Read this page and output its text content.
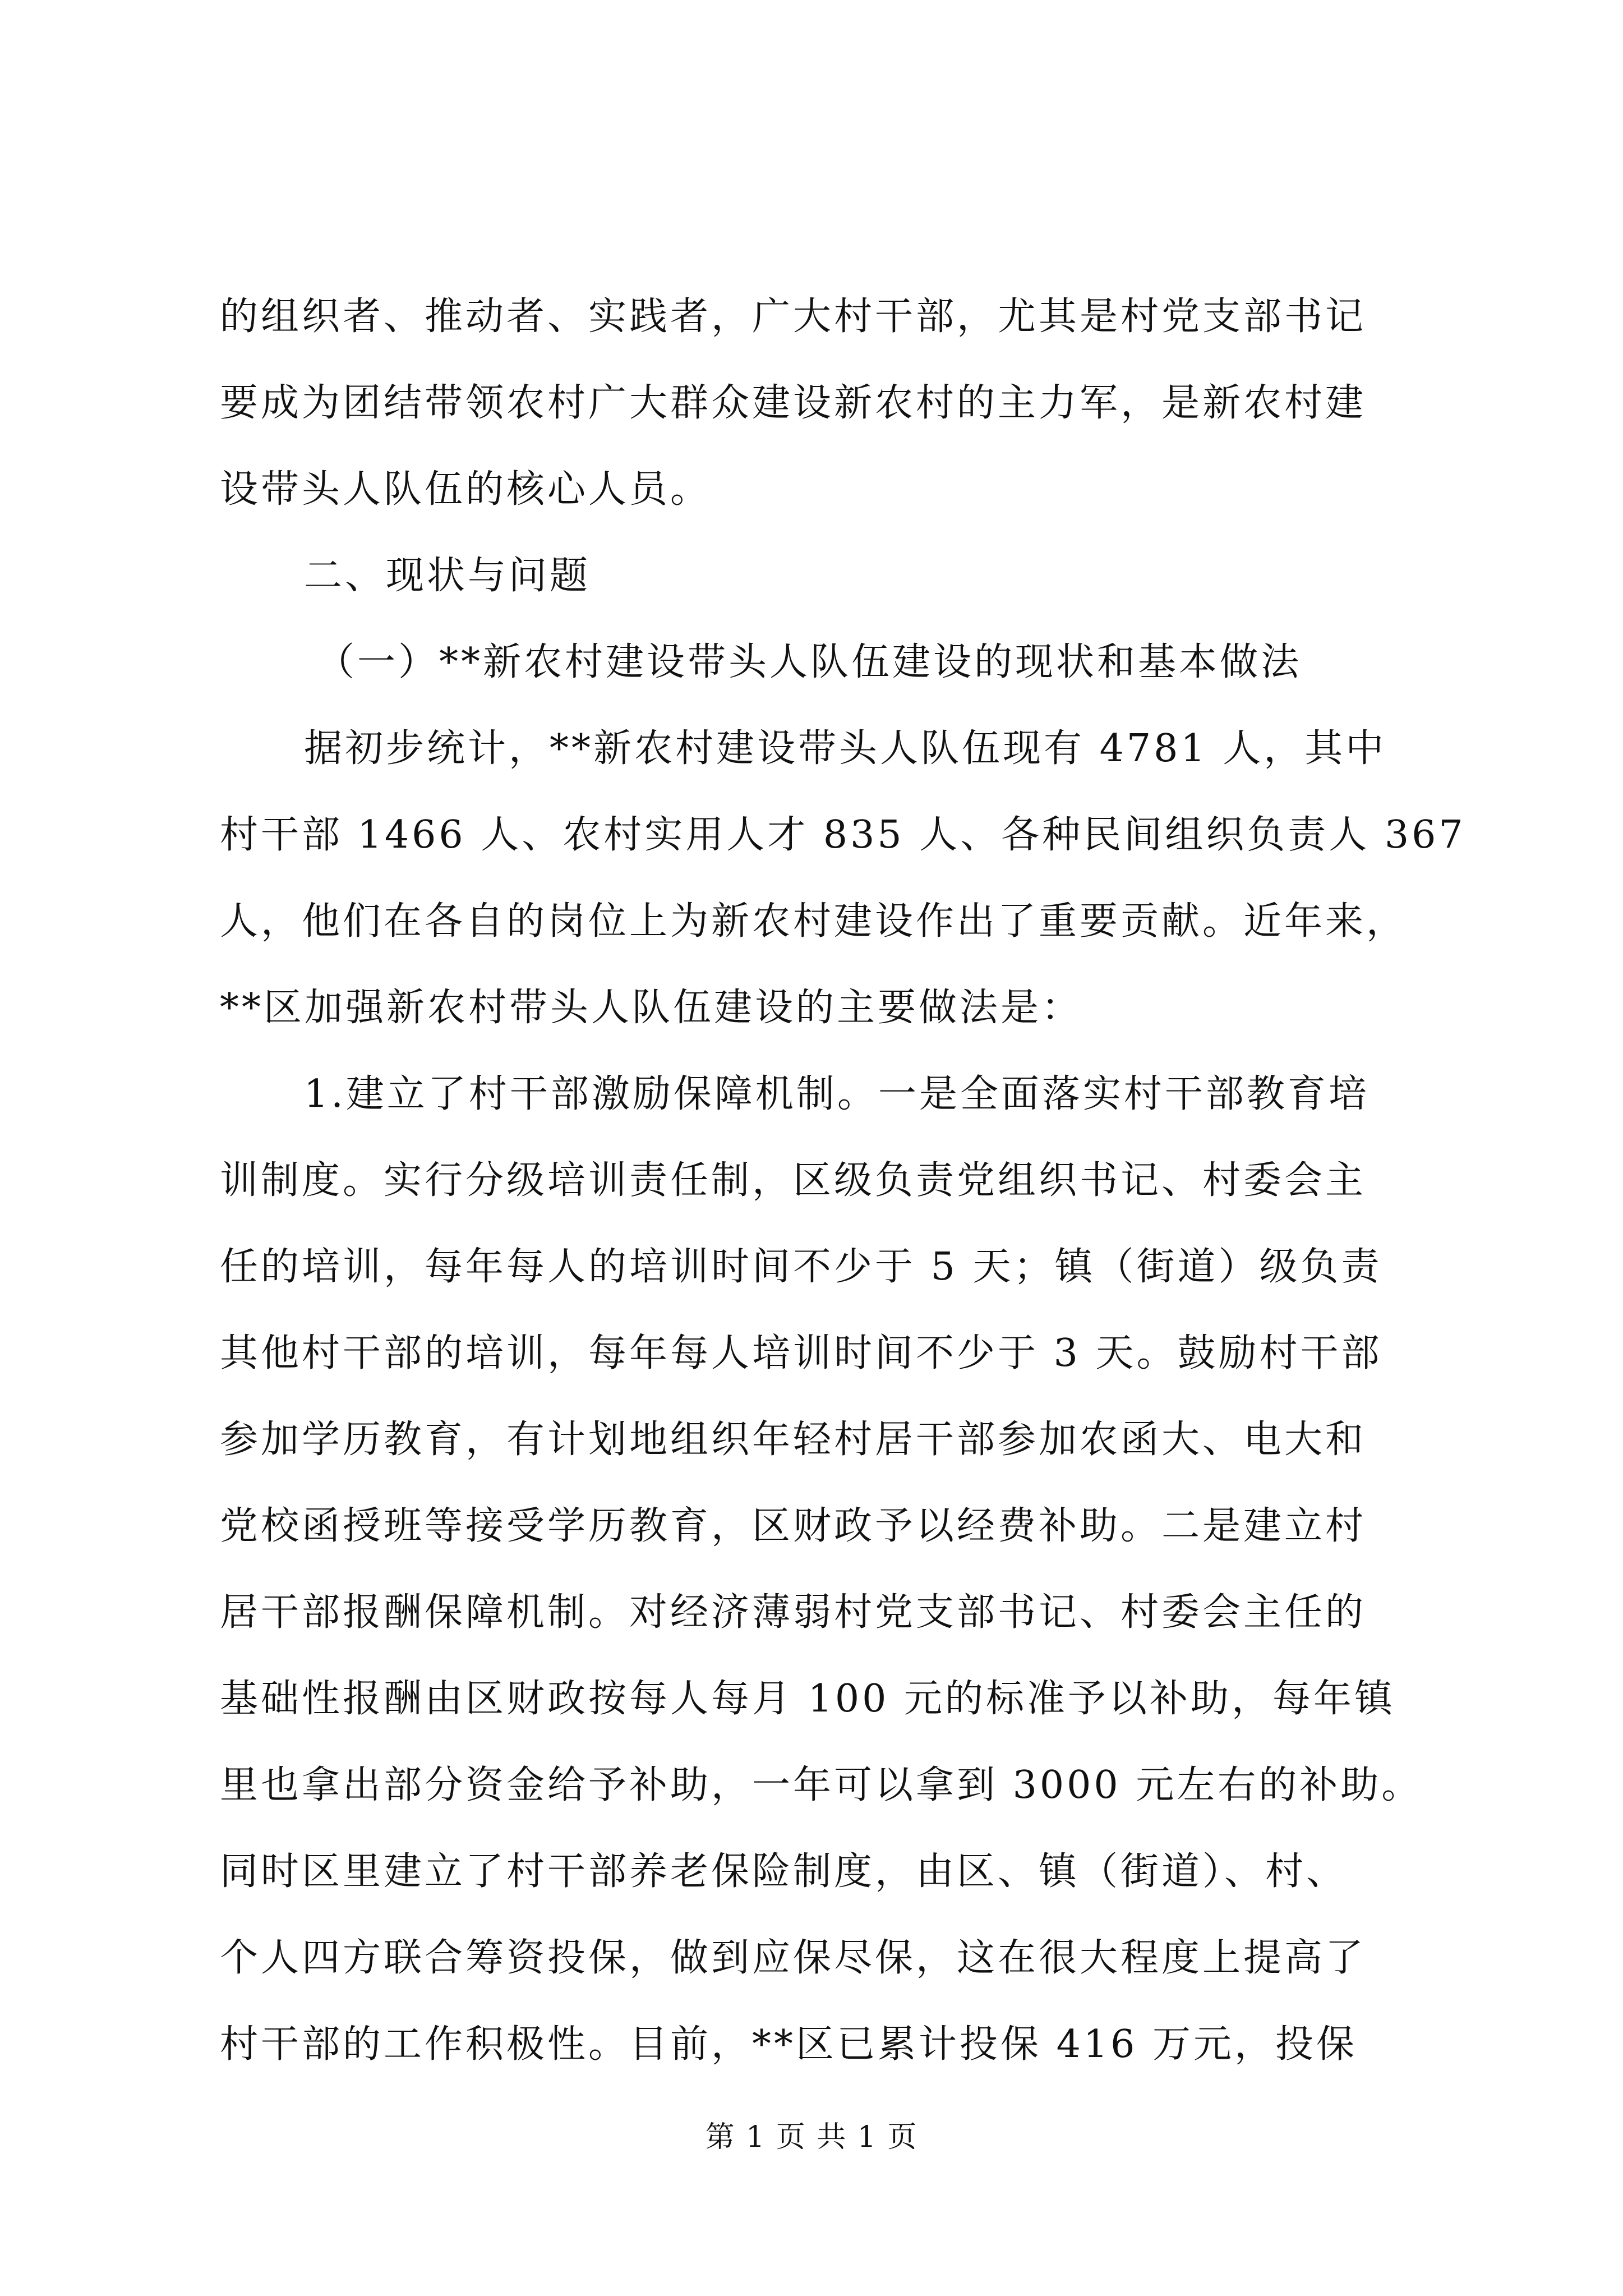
的组织者、推动者、实践者，广大村干部，尤其是村党支部书记
要成为团结带领农村广大群众建设新农村的主力军，是新农村建
设带头人队伍的核心人员。
二、现状与问题
（一）**新农村建设带头人队伍建设的现状和基本做法
据初步统计，**新农村建设带头人队伍现有 4781 人，其中
村干部 1466 人、农村实用人才 835 人、各种民间组织负责人 367
人，他们在各自的岗位上为新农村建设作出了重要贡献。近年来，
**区加强新农村带头人队伍建设的主要做法是：
1.建立了村干部激励保障机制。一是全面落实村干部教育培
训制度。实行分级培训责任制，区级负责党组织书记、村委会主
任的培训，每年每人的培训时间不少于 5 天；镇（街道）级负责
其他村干部的培训，每年每人培训时间不少于 3 天。鼓励村干部
参加学历教育，有计划地组织年轻村居干部参加农函大、电大和
党校函授班等接受学历教育，区财政予以经费补助。二是建立村
居干部报酬保障机制。对经济薄弱村党支部书记、村委会主任的
基础性报酬由区财政按每人每月 100 元的标准予以补助，每年镇
里也拿出部分资金给予补助，一年可以拿到 3000 元左右的补助。
同时区里建立了村干部养老保险制度，由区、镇（街道）、村、
个人四方联合筹资投保，做到应保尽保，这在很大程度上提高了
村干部的工作积极性。目前，**区已累计投保 416 万元，投保
第 1 页 共 1 页
